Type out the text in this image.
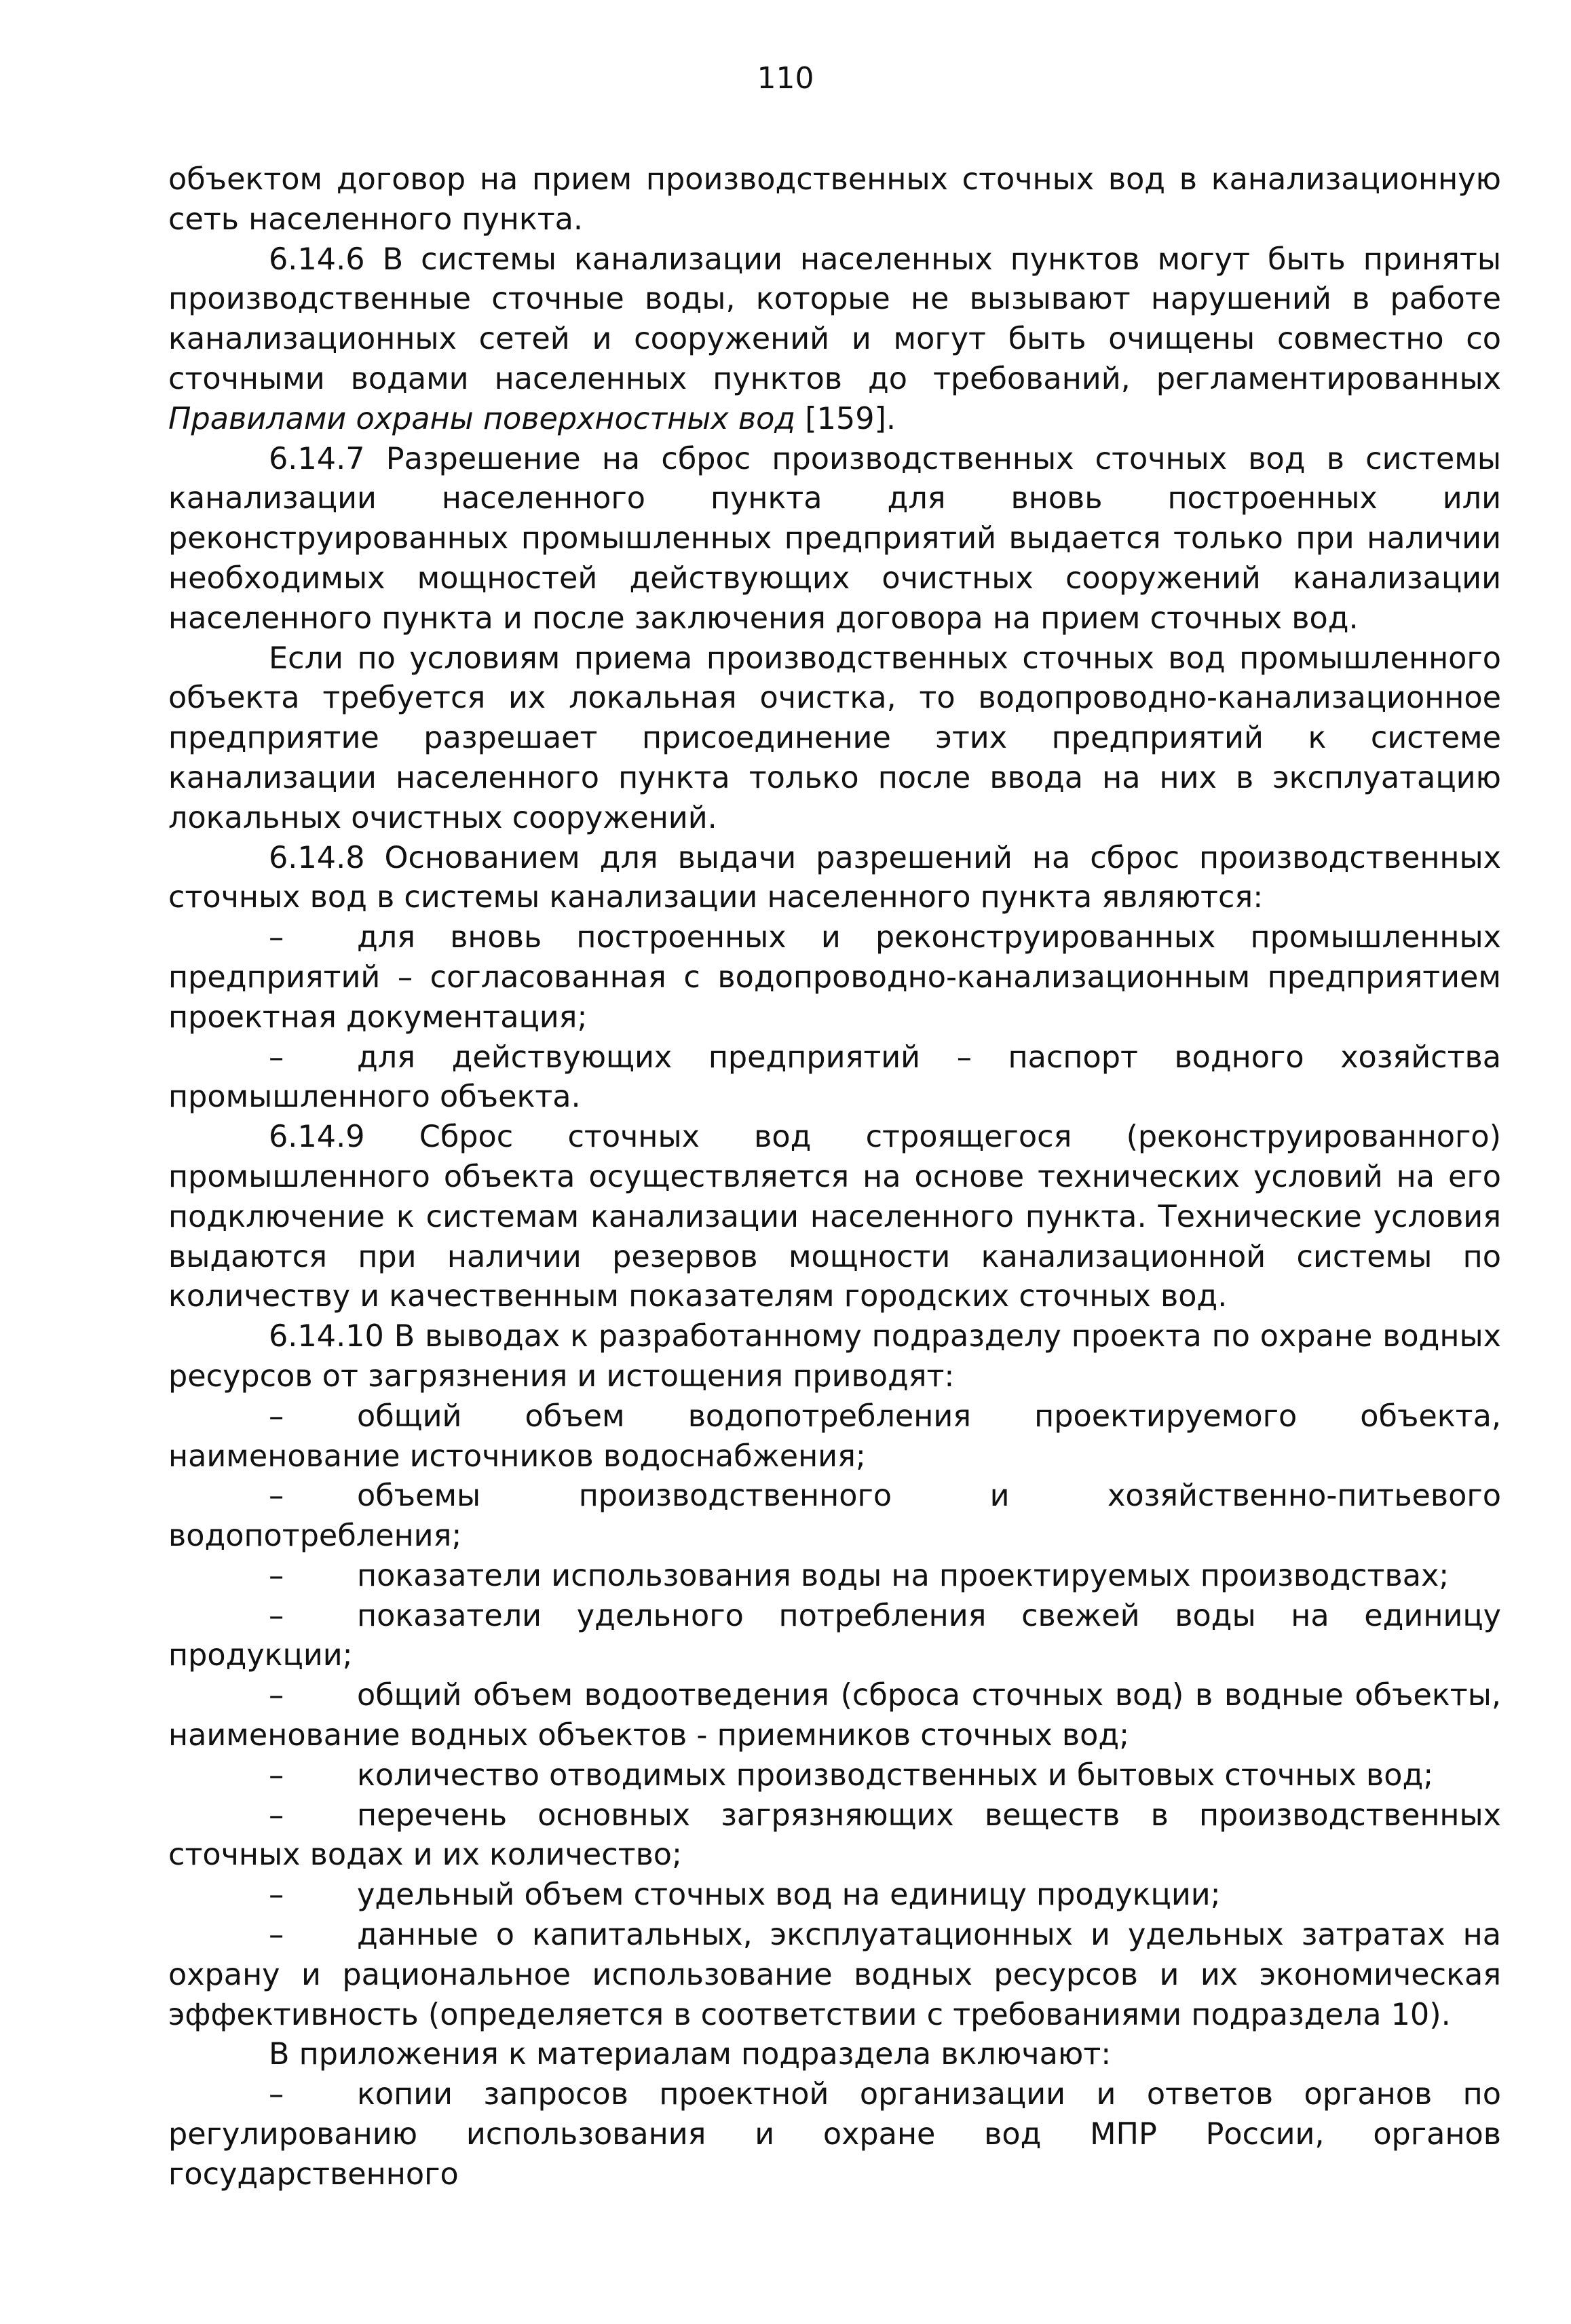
110

объектом договор на прием производственных сточных вод в канализационную сеть населенного пункта.

6.14.6 В системы канализации населенных пунктов могут быть приняты производственные сточные воды, которые не вызывают нарушений в работе канализационных сетей и сооружений и могут быть очищены совместно со сточными водами населенных пунктов до требований, регламентированных Правилами охраны поверхностных вод [159].

6.14.7 Разрешение на сброс производственных сточных вод в системы канализации населенного пункта для вновь построенных или реконструированных промышленных предприятий выдается только при наличии необходимых мощностей действующих очистных сооружений канализации населенного пункта и после заключения договора на прием сточных вод.

Если по условиям приема производственных сточных вод промышленного объекта требуется их локальная очистка, то водопроводно-канализационное предприятие разрешает присоединение этих предприятий к системе канализации населенного пункта только после ввода на них в эксплуатацию локальных очистных сооружений.

6.14.8 Основанием для выдачи разрешений на сброс производственных сточных вод в системы канализации населенного пункта являются:

– для вновь построенных и реконструированных промышленных предприятий – согласованная с водопроводно-канализационным предприятием проектная документация;

– для действующих предприятий – паспорт водного хозяйства промышленного объекта.

6.14.9 Сброс сточных вод строящегося (реконструированного) промышленного объекта осуществляется на основе технических условий на его подключение к системам канализации населенного пункта. Технические условия выдаются при наличии резервов мощности канализационной системы по количеству и качественным показателям городских сточных вод.

6.14.10 В выводах к разработанному подразделу проекта по охране водных ресурсов от загрязнения и истощения приводят:

– общий объем водопотребления проектируемого объекта, наименование источников водоснабжения;

– объемы производственного и хозяйственно-питьевого водопотребления;

– показатели использования воды на проектируемых производствах;

– показатели удельного потребления свежей воды на единицу продукции;

– общий объем водоотведения (сброса сточных вод) в водные объекты, наименование водных объектов - приемников сточных вод;

– количество отводимых производственных и бытовых сточных вод;

– перечень основных загрязняющих веществ в производственных сточных водах и их количество;

– удельный объем сточных вод на единицу продукции;

– данные о капитальных, эксплуатационных и удельных затратах на охрану и рациональное использование водных ресурсов и их экономическая эффективность (определяется в соответствии с требованиями подраздела 10).

В приложения к материалам подраздела включают:

– копии запросов проектной организации и ответов органов по регулированию использования и охране вод МПР России, органов государственного
